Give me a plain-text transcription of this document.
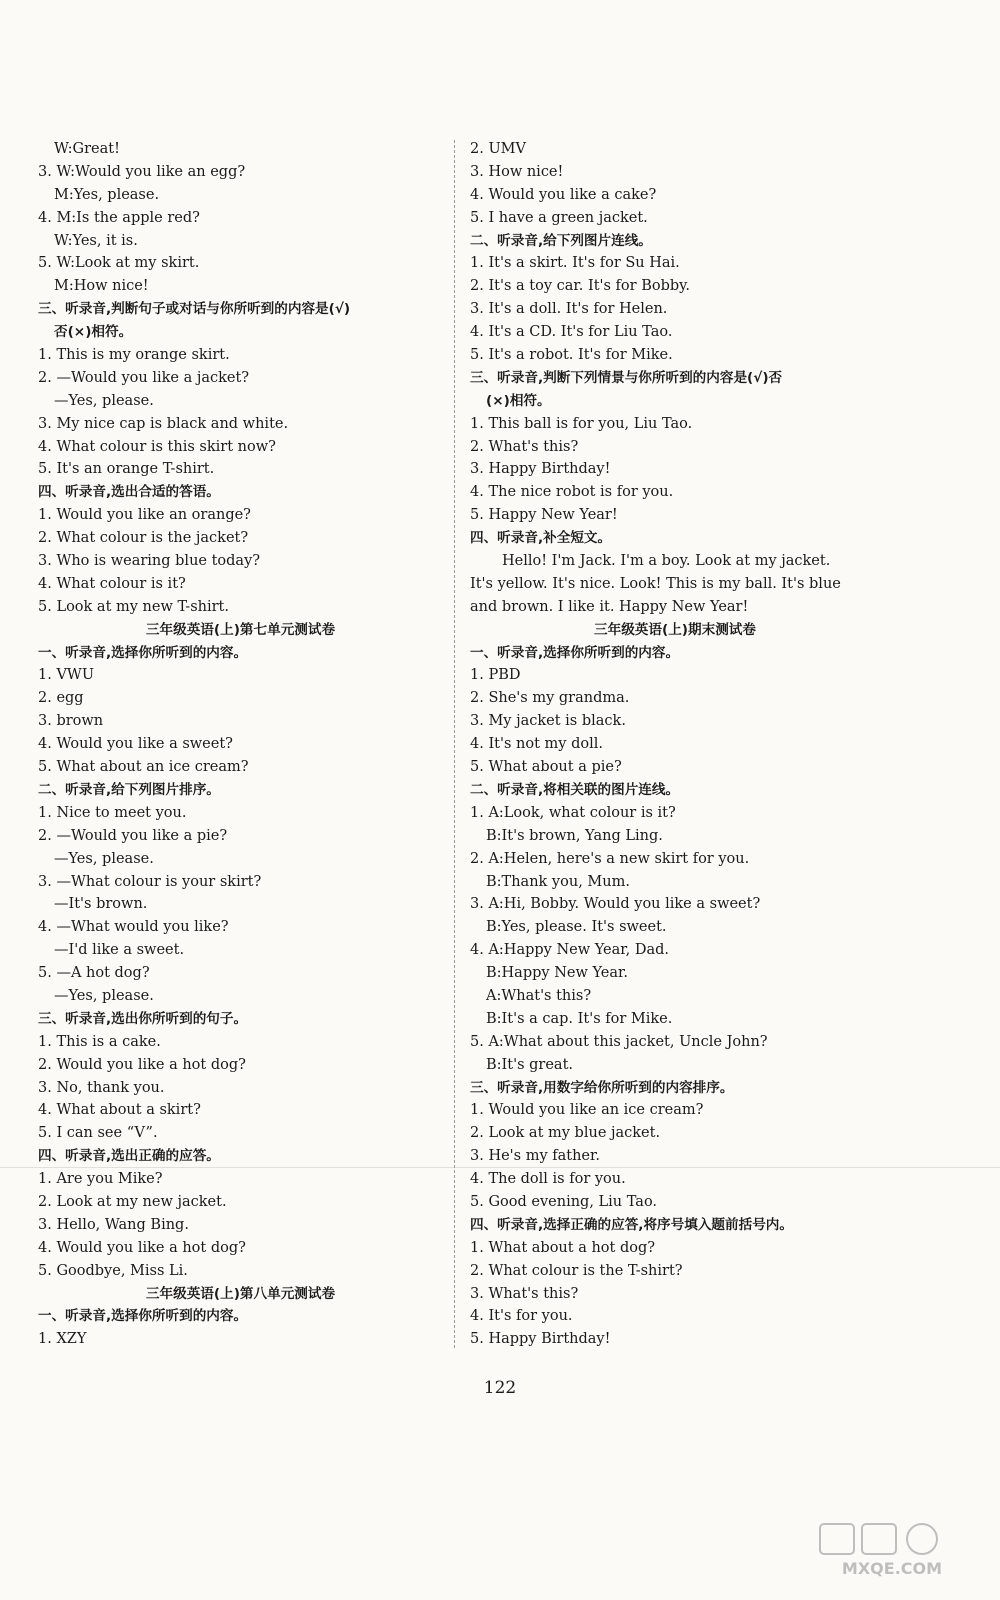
W:Great!
3. W:Would you like an egg?
M:Yes, please.
4. M:Is the apple red?
W:Yes, it is.
5. W:Look at my skirt.
M:How nice!
三、听录音,判断句子或对话与你所听到的内容是(√)
否(×)相符。
1. This is my orange skirt.
2. —Would you like a jacket?
—Yes, please.
3. My nice cap is black and white.
4. What colour is this skirt now?
5. It's an orange T-shirt.
四、听录音,选出合适的答语。
1. Would you like an orange?
2. What colour is the jacket?
3. Who is wearing blue today?
4. What colour is it?
5. Look at my new T-shirt.
三年级英语(上)第七单元测试卷
一、听录音,选择你所听到的内容。
1. VWU
2. egg
3. brown
4. Would you like a sweet?
5. What about an ice cream?
二、听录音,给下列图片排序。
1. Nice to meet you.
2. —Would you like a pie?
—Yes, please.
3. —What colour is your skirt?
—It's brown.
4. —What would you like?
—I'd like a sweet.
5. —A hot dog?
—Yes, please.
三、听录音,选出你所听到的句子。
1. This is a cake.
2. Would you like a hot dog?
3. No, thank you.
4. What about a skirt?
5. I can see “V”.
四、听录音,选出正确的应答。
1. Are you Mike?
2. Look at my new jacket.
3. Hello, Wang Bing.
4. Would you like a hot dog?
5. Goodbye, Miss Li.
三年级英语(上)第八单元测试卷
一、听录音,选择你所听到的内容。
1. XZY
2. UMV
3. How nice!
4. Would you like a cake?
5. I have a green jacket.
二、听录音,给下列图片连线。
1. It's a skirt. It's for Su Hai.
2. It's a toy car. It's for Bobby.
3. It's a doll. It's for Helen.
4. It's a CD. It's for Liu Tao.
5. It's a robot. It's for Mike.
三、听录音,判断下列情景与你所听到的内容是(√)否
(×)相符。
1. This ball is for you, Liu Tao.
2. What's this?
3. Happy Birthday!
4. The nice robot is for you.
5. Happy New Year!
四、听录音,补全短文。
Hello! I'm Jack. I'm a boy. Look at my jacket.
It's yellow. It's nice. Look! This is my ball. It's blue
and brown. I like it. Happy New Year!
三年级英语(上)期末测试卷
一、听录音,选择你所听到的内容。
1. PBD
2. She's my grandma.
3. My jacket is black.
4. It's not my doll.
5. What about a pie?
二、听录音,将相关联的图片连线。
1. A:Look, what colour is it?
B:It's brown, Yang Ling.
2. A:Helen, here's a new skirt for you.
B:Thank you, Mum.
3. A:Hi, Bobby. Would you like a sweet?
B:Yes, please. It's sweet.
4. A:Happy New Year, Dad.
B:Happy New Year.
A:What's this?
B:It's a cap. It's for Mike.
5. A:What about this jacket, Uncle John?
B:It's great.
三、听录音,用数字给你所听到的内容排序。
1. Would you like an ice cream?
2. Look at my blue jacket.
3. He's my father.
4. The doll is for you.
5. Good evening, Liu Tao.
四、听录音,选择正确的应答,将序号填入题前括号内。
1. What about a hot dog?
2. What colour is the T-shirt?
3. What's this?
4. It's for you.
5. Happy Birthday!
122
MXQE.COM
